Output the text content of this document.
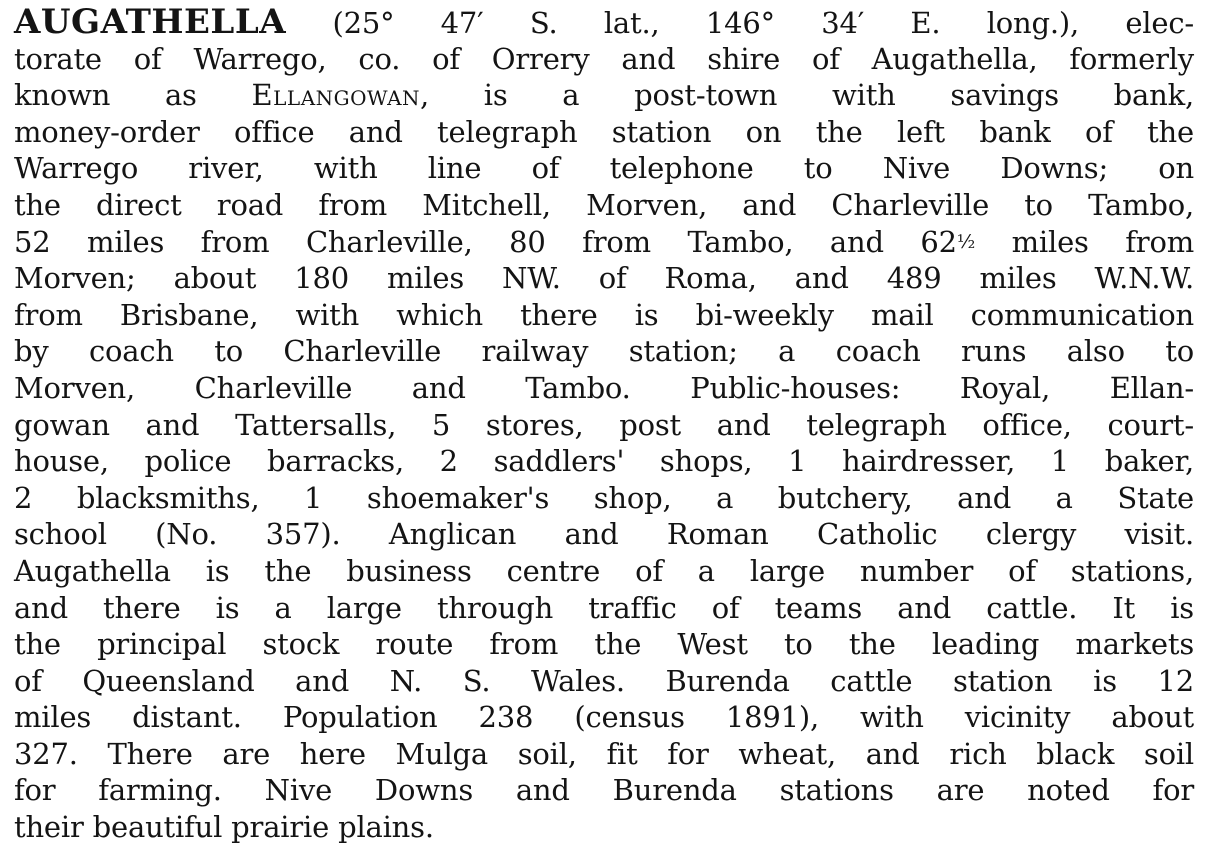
AUGATHELLA (25° 47′ S. lat., 146° 34′ E. long.), elec-
torate of Warrego, co. of Orrery and shire of Augathella, formerly
known as Ellangowan, is a post-town with savings bank,
money-order office and telegraph station on the left bank of the
Warrego river, with line of telephone to Nive Downs; on
the direct road from Mitchell, Morven, and Charleville to Tambo,
52 miles from Charleville, 80 from Tambo, and 62½ miles from
Morven; about 180 miles NW. of Roma, and 489 miles W.N.W.
from Brisbane, with which there is bi-weekly mail communication
by coach to Charleville railway station; a coach runs also to
Morven, Charleville and Tambo. Public-houses: Royal, Ellan-
gowan and Tattersalls, 5 stores, post and telegraph office, court-
house, police barracks, 2 saddlers' shops, 1 hairdresser, 1 baker,
2 blacksmiths, 1 shoemaker's shop, a butchery, and a State
school (No. 357). Anglican and Roman Catholic clergy visit.
Augathella is the business centre of a large number of stations,
and there is a large through traffic of teams and cattle. It is
the principal stock route from the West to the leading markets
of Queensland and N. S. Wales. Burenda cattle station is 12
miles distant. Population 238 (census 1891), with vicinity about
327. There are here Mulga soil, fit for wheat, and rich black soil
for farming. Nive Downs and Burenda stations are noted for
their beautiful prairie plains.
